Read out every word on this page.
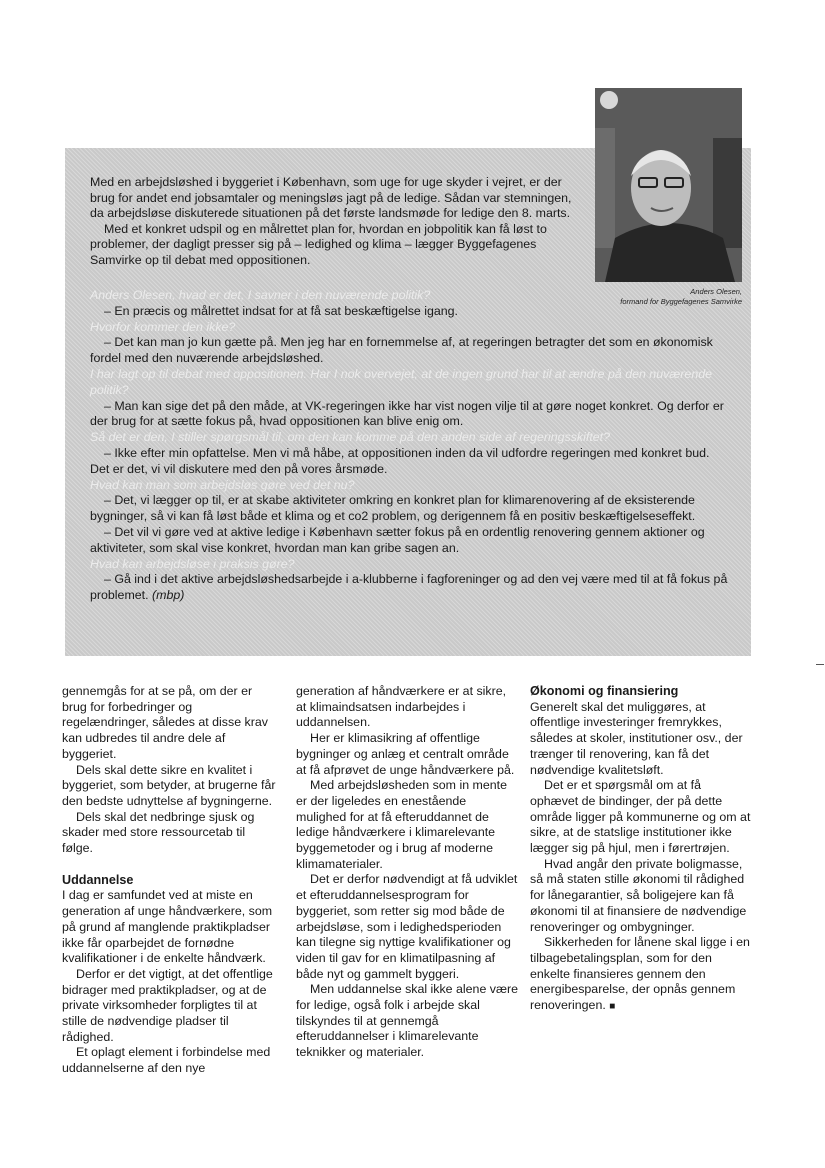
Anders Olesen,
formand for Byggefagenes Samvirke

Med en arbejdsløshed i byggeriet i København, som uge for uge skyder i vejret, er der brug for andet end jobsamtaler og meningsløs jagt på de ledige. Sådan var stemningen, da arbejdsløse diskuterede situationen på det første landsmøde for ledige den 8. marts.

Med et konkret udspil og en målrettet plan for, hvordan en jobpolitik kan få løst to problemer, der dagligt presser sig på – ledighed og klima – lægger Byggefagenes Samvirke op til debat med oppositionen.

Anders Olesen, hvad er det, I savner i den nuværende politik?

– En præcis og målrettet indsat for at få sat beskæftigelse igang.

Hvorfor kommer den ikke?

– Det kan man jo kun gætte på. Men jeg har en fornemmelse af, at regeringen betragter det som en økonomisk fordel med den nuværende arbejdsløshed.

I har lagt op til debat med oppositionen. Har I nok overvejet, at de ingen grund har til at ændre på den nuværende politik?

– Man kan sige det på den måde, at VK-regeringen ikke har vist nogen vilje til at gøre noget konkret. Og derfor er der brug for at sætte fokus på, hvad oppositionen kan blive enig om.

Så det er den, I stiller spørgsmål til, om den kan komme på den anden side af regeringsskiftet?

– Ikke efter min opfattelse. Men vi må håbe, at oppositionen inden da vil udfordre regeringen med konkret bud. Det er det, vi vil diskutere med den på vores årsmøde.

Hvad kan man som arbejdsløs gøre ved det nu?

– Det, vi lægger op til, er at skabe aktiviteter omkring en konkret plan for klimarenovering af de eksisterende bygninger, så vi kan få løst både et klima og et co2 problem, og derigennem få en positiv beskæftigelseseffekt.

– Det vil vi gøre ved at aktive ledige i København sætter fokus på en ordentlig renovering gennem aktioner og aktiviteter, som skal vise konkret, hvordan man kan gribe sagen an.

Hvad kan arbejdsløse i praksis gøre?

– Gå ind i det aktive arbejdsløshedsarbejde i a-klubberne i fagforeninger og ad den vej være med til at få fokus på problemet. (mbp)

gennemgås for at se på, om der er brug for forbedringer og regelændringer, således at disse krav kan udbredes til andre dele af byggeriet.

Dels skal dette sikre en kvalitet i byggeriet, som betyder, at brugerne får den bedste udnyttelse af bygningerne.

Dels skal det nedbringe sjusk og skader med store ressourcetab til følge.

Uddannelse

I dag er samfundet ved at miste en generation af unge håndværkere, som på grund af manglende praktikpladser ikke får oparbejdet de fornødne kvalifikationer i de enkelte håndværk.

Derfor er det vigtigt, at det offentlige bidrager med praktikpladser, og at de private virksomheder forpligtes til at stille de nødvendige pladser til rådighed.

Et oplagt element i forbindelse med uddannelserne af den nye

generation af håndværkere er at sikre, at klimaindsatsen indarbejdes i uddannelsen.

Her er klimasikring af offentlige bygninger og anlæg et centralt område at få afprøvet de unge håndværkere på.

Med arbejdsløsheden som in mente er der ligeledes en enestående mulighed for at få efteruddannet de ledige håndværkere i klimarelevante byggemetoder og i brug af moderne klimamaterialer.

Det er derfor nødvendigt at få udviklet et efteruddannelsesprogram for byggeriet, som retter sig mod både de arbejdsløse, som i ledighedsperioden kan tilegne sig nyttige kvalifikationer og viden til gav for en klimatilpasning af både nyt og gammelt byggeri.

Men uddannelse skal ikke alene være for ledige, også folk i arbejde skal tilskyndes til at gennemgå efteruddannelser i klimarelevante teknikker og materialer.

Økonomi og finansiering

Generelt skal det muliggøres, at offentlige investeringer fremrykkes, således at skoler, institutioner osv., der trænger til renovering, kan få det nødvendige kvalitetsløft.

Det er et spørgsmål om at få ophævet de bindinger, der på dette område ligger på kommunerne og om at sikre, at de statslige institutioner ikke lægger sig på hjul, men i førertrøjen.

Hvad angår den private boligmasse, så må staten stille økonomi til rådighed for lånegarantier, så boligejere kan få økonomi til at finansiere de nødvendige renoveringer og ombygninger.

Sikkerheden for lånene skal ligge i en tilbagebetalingsplan, som for den enkelte finansieres gennem den energibesparelse, der opnås gennem renoveringen. ■
